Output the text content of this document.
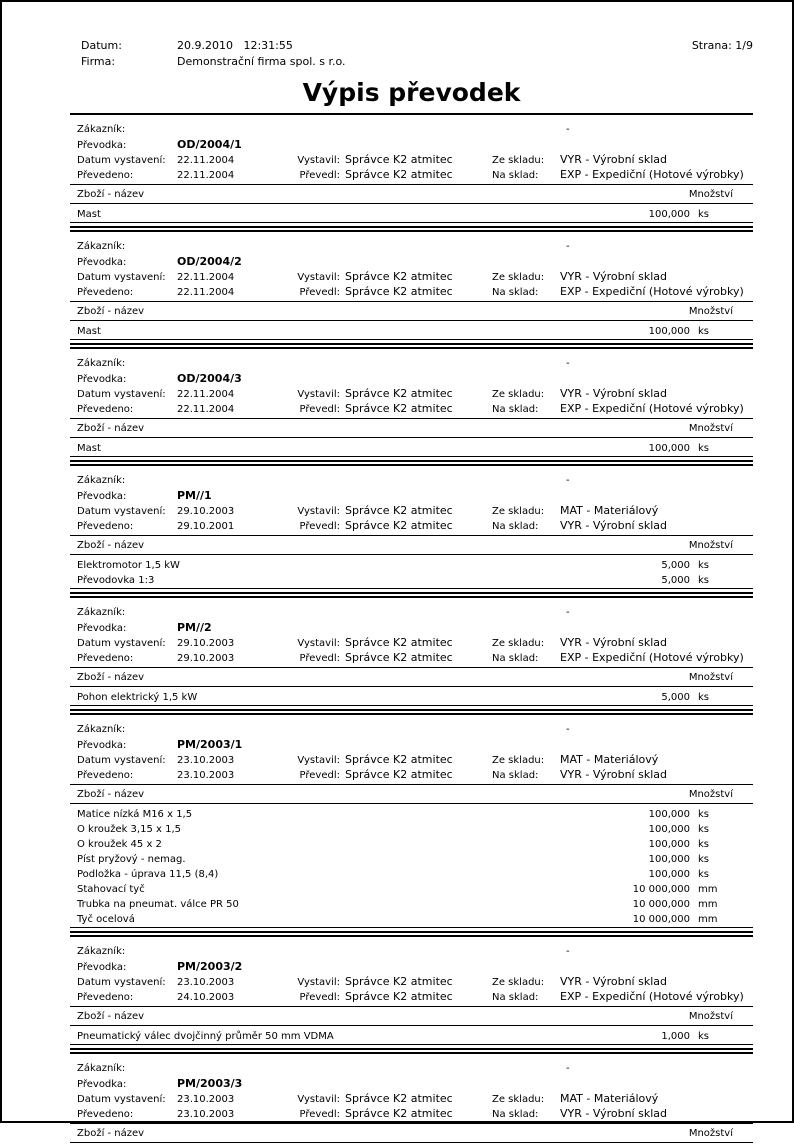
Datum:	20.9.2010   12:31:55	Strana: 1/9
Firma:	Demonstrační firma spol. s r.o.
Výpis převodek
Zákazník:	-
Převodka:	OD/2004/1
Datum vystavení:	22.11.2004	Vystavil: Správce K2 atmitec	Ze skladu:	VYR - Výrobní sklad
Převedeno:	22.11.2004	Převedl: Správce K2 atmitec	Na sklad:	EXP - Expediční (Hotové výrobky)
Zboží - název	Množství
Mast	100,000 ks
Zákazník:	-
Převodka:	OD/2004/2
Datum vystavení:	22.11.2004	Vystavil: Správce K2 atmitec	Ze skladu:	VYR - Výrobní sklad
Převedeno:	22.11.2004	Převedl: Správce K2 atmitec	Na sklad:	EXP - Expediční (Hotové výrobky)
Zboží - název	Množství
Mast	100,000 ks
Zákazník:	-
Převodka:	OD/2004/3
Datum vystavení:	22.11.2004	Vystavil: Správce K2 atmitec	Ze skladu:	VYR - Výrobní sklad
Převedeno:	22.11.2004	Převedl: Správce K2 atmitec	Na sklad:	EXP - Expediční (Hotové výrobky)
Zboží - název	Množství
Mast	100,000 ks
Zákazník:	-
Převodka:	PM//1
Datum vystavení:	29.10.2003	Vystavil: Správce K2 atmitec	Ze skladu:	MAT - Materiálový
Převedeno:	29.10.2001	Převedl: Správce K2 atmitec	Na sklad:	VYR - Výrobní sklad
Zboží - název	Množství
Elektromotor 1,5 kW	5,000 ks
Převodovka 1:3	5,000 ks
Zákazník:	-
Převodka:	PM//2
Datum vystavení:	29.10.2003	Vystavil: Správce K2 atmitec	Ze skladu:	VYR - Výrobní sklad
Převedeno:	29.10.2003	Převedl: Správce K2 atmitec	Na sklad:	EXP - Expediční (Hotové výrobky)
Zboží - název	Množství
Pohon elektrický 1,5 kW	5,000 ks
Zákazník:	-
Převodka:	PM/2003/1
Datum vystavení:	23.10.2003	Vystavil: Správce K2 atmitec	Ze skladu:	MAT - Materiálový
Převedeno:	23.10.2003	Převedl: Správce K2 atmitec	Na sklad:	VYR - Výrobní sklad
Zboží - název	Množství
Matice nízká M16 x 1,5	100,000 ks
O kroužek 3,15 x 1,5	100,000 ks
O kroužek 45 x 2	100,000 ks
Píst pryžový - nemag.	100,000 ks
Podložka - úprava 11,5 (8,4)	100,000 ks
Stahovací tyč	10 000,000 mm
Trubka na pneumat. válce PR 50	10 000,000 mm
Tyč ocelová	10 000,000 mm
Zákazník:	-
Převodka:	PM/2003/2
Datum vystavení:	23.10.2003	Vystavil: Správce K2 atmitec	Ze skladu:	VYR - Výrobní sklad
Převedeno:	24.10.2003	Převedl: Správce K2 atmitec	Na sklad:	EXP - Expediční (Hotové výrobky)
Zboží - název	Množství
Pneumatický válec dvojčinný průměr 50 mm VDMA	1,000 ks
Zákazník:	-
Převodka:	PM/2003/3
Datum vystavení:	23.10.2003	Vystavil: Správce K2 atmitec	Ze skladu:	MAT - Materiálový
Převedeno:	23.10.2003	Převedl: Správce K2 atmitec	Na sklad:	VYR - Výrobní sklad
Zboží - název	Množství
